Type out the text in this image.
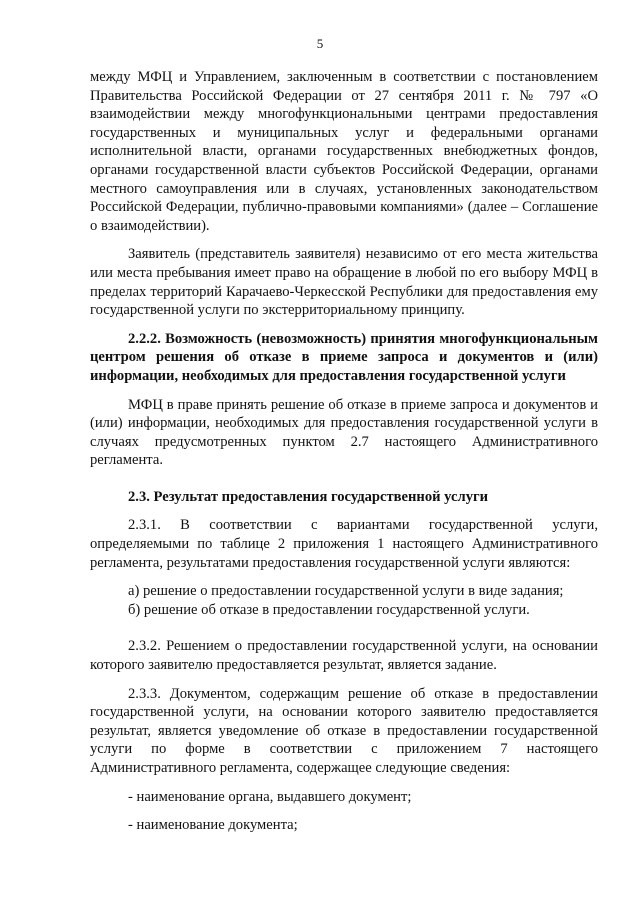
5

между МФЦ и Управлением, заключенным в соответствии с постановлением Правительства Российской Федерации от 27 сентября 2011 г. № 797 «О взаимодействии между многофункциональными центрами предоставления государственных и муниципальных услуг и федеральными органами исполнительной власти, органами государственных внебюджетных фондов, органами государственной власти субъектов Российской Федерации, органами местного самоуправления или в случаях, установленных законодательством Российской Федерации, публично-правовыми компаниями» (далее – Соглашение о взаимодействии).

Заявитель (представитель заявителя) независимо от его места жительства или места пребывания имеет право на обращение в любой по его выбору МФЦ в пределах территорий Карачаево-Черкесской Республики для предоставления ему государственной услуги по экстерриториальному принципу.

2.2.2. Возможность (невозможность) принятия многофункциональным центром решения об отказе в приеме запроса и документов и (или) информации, необходимых для предоставления государственной услуги

МФЦ в праве принять решение об отказе в приеме запроса и документов и (или) информации, необходимых для предоставления государственной услуги в случаях предусмотренных пунктом 2.7 настоящего Административного регламента.

2.3. Результат предоставления государственной услуги

2.3.1. В соответствии с вариантами государственной услуги, определяемыми по таблице 2 приложения 1 настоящего Административного регламента, результатами предоставления государственной услуги являются:

а) решение о предоставлении государственной услуги в виде задания;

б) решение об отказе в предоставлении государственной услуги.

2.3.2. Решением о предоставлении государственной услуги, на основании которого заявителю предоставляется результат, является задание.

2.3.3. Документом, содержащим решение об отказе в предоставлении государственной услуги, на основании которого заявителю предоставляется результат, является уведомление об отказе в предоставлении государственной услуги по форме в соответствии с приложением 7 настоящего Административного регламента, содержащее следующие сведения:

- наименование органа, выдавшего документ;

- наименование документа;
